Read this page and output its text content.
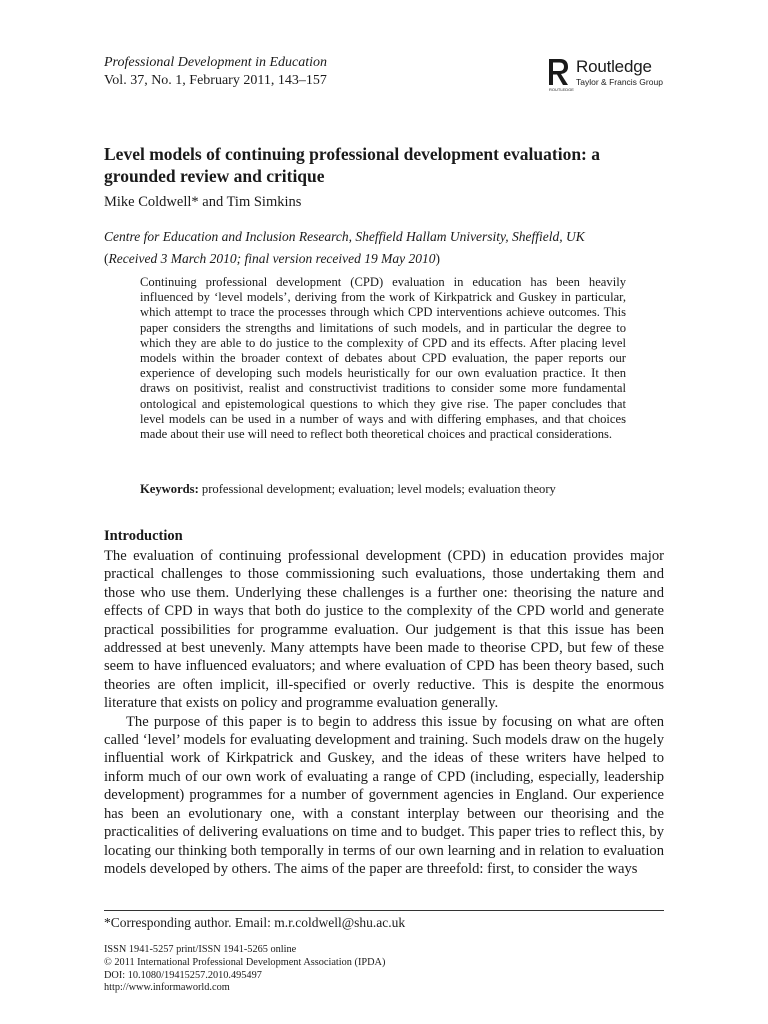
Professional Development in Education
Vol. 37, No. 1, February 2011, 143–157
ROUTLEDGE
Routledge
Taylor & Francis Group
Level models of continuing professional development evaluation: a grounded review and critique
Mike Coldwell* and Tim Simkins
Centre for Education and Inclusion Research, Sheffield Hallam University, Sheffield, UK
(Received 3 March 2010; final version received 19 May 2010)

Continuing professional development (CPD) evaluation in education has been heavily influenced by ‘level models’, deriving from the work of Kirkpatrick and Guskey in particular, which attempt to trace the processes through which CPD interventions achieve outcomes. This paper considers the strengths and limitations of such models, and in particular the degree to which they are able to do justice to the complexity of CPD and its effects. After placing level models within the broader context of debates about CPD evaluation, the paper reports our experience of developing such models heuristically for our own evaluation practice. It then draws on positivist, realist and constructivist traditions to consider some more fundamental ontological and epistemological questions to which they give rise. The paper concludes that level models can be used in a number of ways and with differing emphases, and that choices made about their use will need to reflect both theoretical choices and practical considerations.

Keywords: professional development; evaluation; level models; evaluation theory
Introduction

The evaluation of continuing professional development (CPD) in education provides major practical challenges to those commissioning such evaluations, those undertaking them and those who use them. Underlying these challenges is a further one: theorising the nature and effects of CPD in ways that both do justice to the complexity of the CPD world and generate practical possibilities for programme evaluation. Our judgement is that this issue has been addressed at best unevenly. Many attempts have been made to theorise CPD, but few of these seem to have influenced evaluators; and where evaluation of CPD has been theory based, such theories are often implicit, ill-specified or overly reductive. This is despite the enormous literature that exists on policy and programme evaluation generally.

The purpose of this paper is to begin to address this issue by focusing on what are often called ‘level’ models for evaluating development and training. Such models draw on the hugely influential work of Kirkpatrick and Guskey, and the ideas of these writers have helped to inform much of our own work of evaluating a range of CPD (including, especially, leadership development) programmes for a number of government agencies in England. Our experience has been an evolutionary one, with a constant interplay between our theorising and the practicalities of delivering evaluations on time and to budget. This paper tries to reflect this, by locating our thinking both temporally in terms of our own learning and in relation to evaluation models developed by others. The aims of the paper are threefold: first, to consider the ways

*Corresponding author. Email: m.r.coldwell@shu.ac.uk
ISSN 1941-5257 print/ISSN 1941-5265 online
© 2011 International Professional Development Association (IPDA)
DOI: 10.1080/19415257.2010.495497
http://www.informaworld.com
